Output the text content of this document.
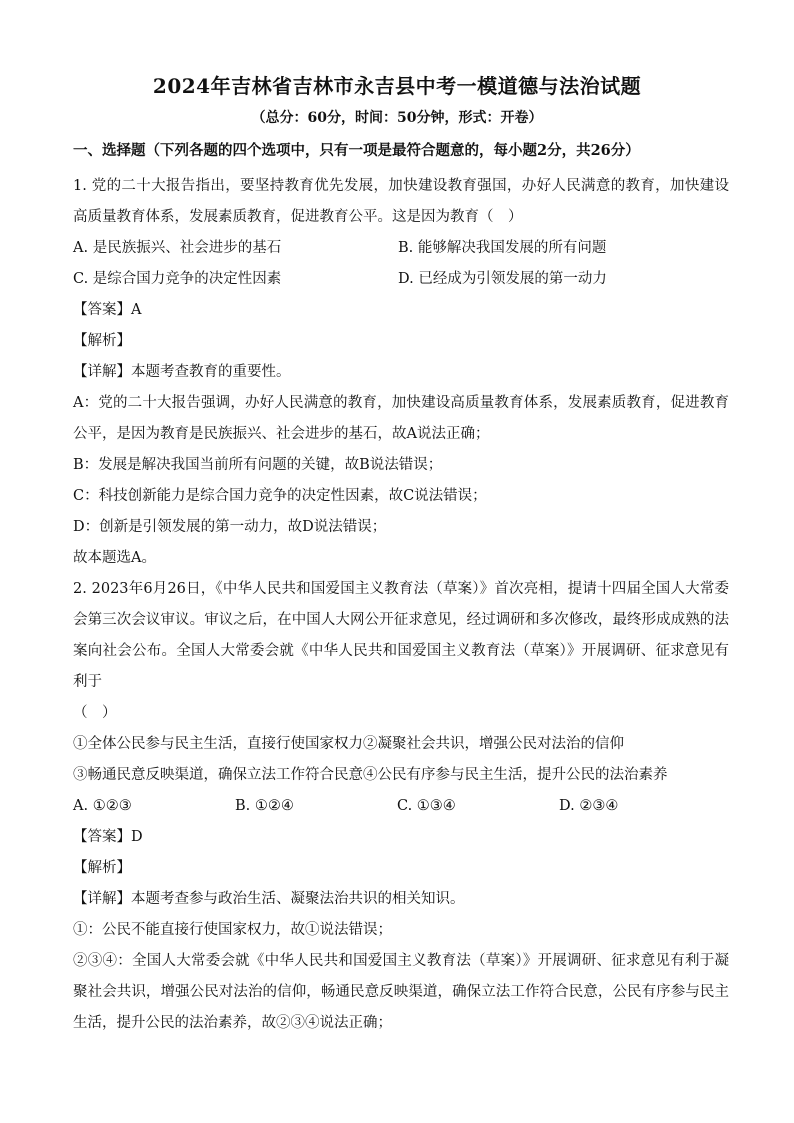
2024年吉林省吉林市永吉县中考一模道德与法治试题
（总分：60分，时间：50分钟，形式：开卷）
一、选择题（下列各题的四个选项中，只有一项是最符合题意的，每小题2分，共26分）
1. 党的二十大报告指出，要坚持教育优先发展，加快建设教育强国，办好人民满意的教育，加快建设高质量教育体系，发展素质教育，促进教育公平。这是因为教育（　）
A. 是民族振兴、社会进步的基石	B. 能够解决我国发展的所有问题
C. 是综合国力竞争的决定性因素	D. 已经成为引领发展的第一动力
【答案】A
【解析】
【详解】本题考查教育的重要性。
A：党的二十大报告强调，办好人民满意的教育，加快建设高质量教育体系，发展素质教育，促进教育公平，是因为教育是民族振兴、社会进步的基石，故A说法正确；
B：发展是解决我国当前所有问题的关键，故B说法错误；
C：科技创新能力是综合国力竞争的决定性因素，故C说法错误；
D：创新是引领发展的第一动力，故D说法错误；
故本题选A。
2. 2023年6月26日，《中华人民共和国爱国主义教育法（草案）》首次亮相，提请十四届全国人大常委会第三次会议审议。审议之后，在中国人大网公开征求意见，经过调研和多次修改，最终形成成熟的法案向社会公布。全国人大常委会就《中华人民共和国爱国主义教育法（草案）》开展调研、征求意见有利于
（　）
①全体公民参与民主生活，直接行使国家权力②凝聚社会共识，增强公民对法治的信仰
③畅通民意反映渠道，确保立法工作符合民意④公民有序参与民主生活，提升公民的法治素养
A. ①②③	B. ①②④	C. ①③④	D. ②③④
【答案】D
【解析】
【详解】本题考查参与政治生活、凝聚法治共识的相关知识。
①：公民不能直接行使国家权力，故①说法错误；
②③④：全国人大常委会就《中华人民共和国爱国主义教育法（草案）》开展调研、征求意见有利于凝聚社会共识，增强公民对法治的信仰，畅通民意反映渠道，确保立法工作符合民意，公民有序参与民主生活，提升公民的法治素养，故②③④说法正确；
